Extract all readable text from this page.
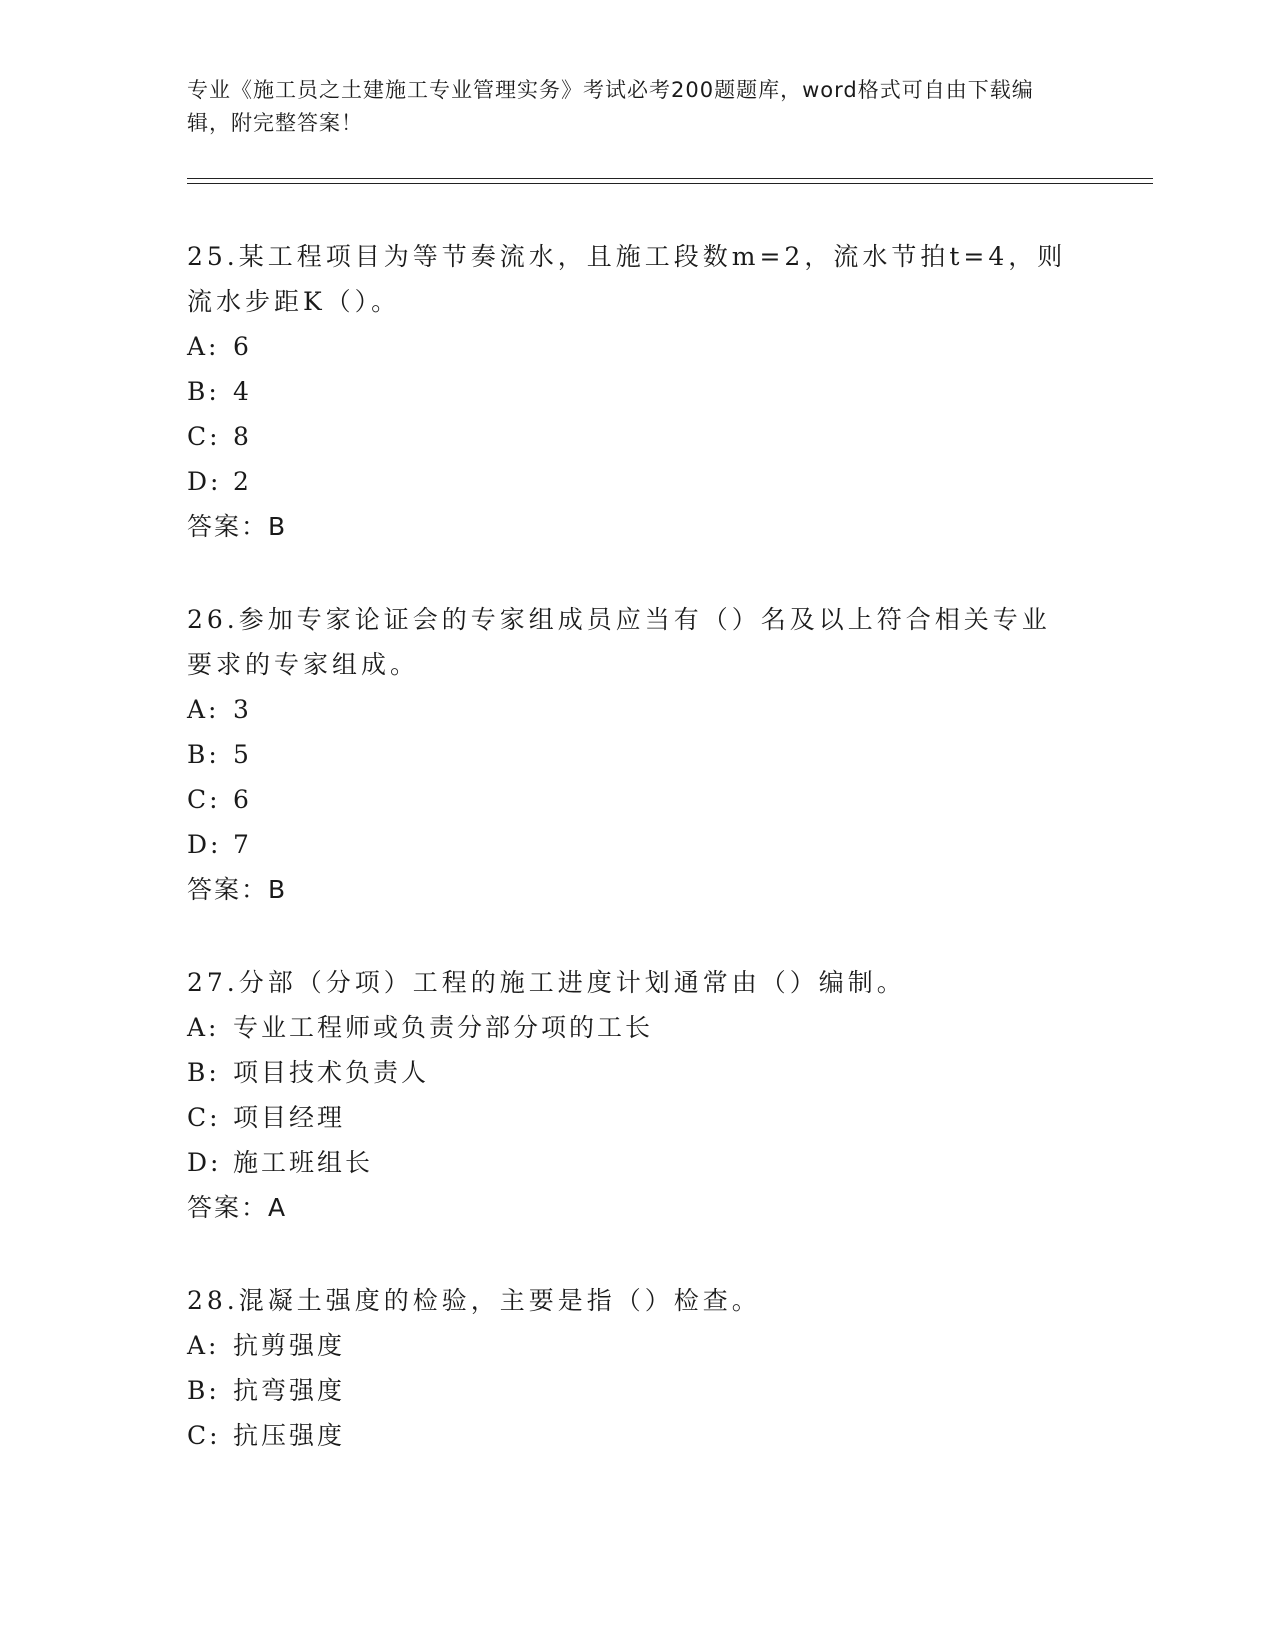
专业《施工员之土建施工专业管理实务》考试必考200题题库，word格式可自由下载编辑，附完整答案！

25.某工程项目为等节奏流水，且施工段数m=2，流水节拍t=4，则流水步距K（）。

A: 6
B: 4
C: 8
D: 2
答案：B

26.参加专家论证会的专家组成员应当有（）名及以上符合相关专业要求的专家组成。

A: 3
B: 5
C: 6
D: 7
答案：B

27.分部（分项）工程的施工进度计划通常由（）编制。

A: 专业工程师或负责分部分项的工长
B: 项目技术负责人
C: 项目经理
D: 施工班组长
答案：A

28.混凝土强度的检验，主要是指（）检查。

A: 抗剪强度
B: 抗弯强度
C: 抗压强度
